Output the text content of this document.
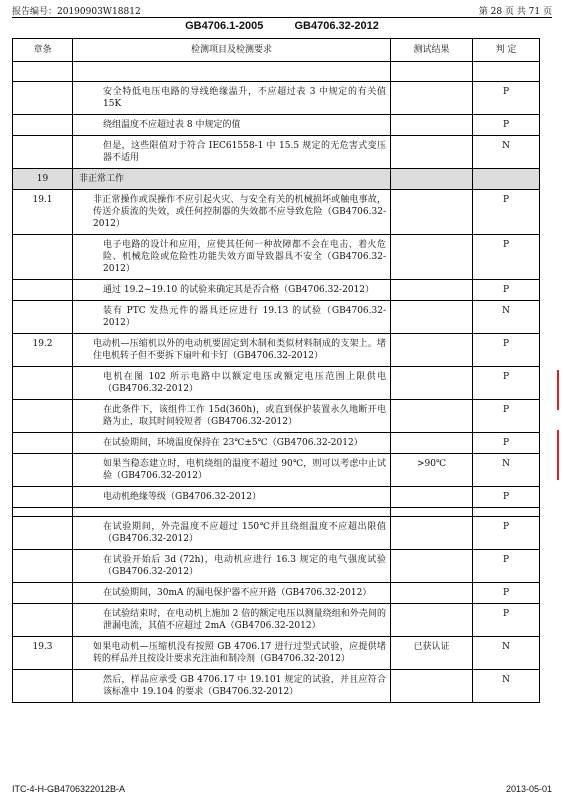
报告编号：20190903W18812	第 28 页 共 71 页
GB4706.1-2005	GB4706.32-2012
章条	检测项目及检测要求	测试结果	判 定

	安全特低电压电路的导线绝缘温升，不应超过表 3 中规定的有关值 15K		P
	绕组温度不应超过表 8 中规定的值		P
	但是，这些限值对于符合 IEC61558-1 中 15.5 规定的无危害式变压器不适用		N
19	非正常工作		
19.1	非正常操作或误操作不应引起火灾、与安全有关的机械损坏或触电事故，传送介质流的失效，或任何控制器的失效都不应导致危险（GB4706.32-2012）		P
	电子电路的设计和应用，应使其任何一种故障都不会在电击、着火危险、机械危险或危险性功能失效方面导致器具不安全（GB4706.32-2012）		P
	通过 19.2~19.10 的试验来确定其是否合格（GB4706.32-2012）		P
	装有 PTC 发热元件的器具还应进行 19.13 的试验（GB4706.32-2012）		N
19.2	电动机—压缩机以外的电动机要固定到木制和类似材料制成的支架上。堵住电机转子但不要拆下扇叶和卡钉（GB4706.32-2012）		P
	电机在图 102 所示电路中以额定电压或额定电压范围上限供电（GB4706.32-2012）		P
	在此条件下，该组件工作 15d(360h)，或直到保护装置永久地断开电路为止，取其时间较短者（GB4706.32-2012）		P
	在试验期间，环境温度保持在 23℃±5℃（GB4706.32-2012）		P
	如果当稳态建立时，电机绕组的温度不超过 90℃，则可以考虑中止试验（GB4706.32-2012）	>90℃	N
	电动机绝缘等级（GB4706.32-2012）		P

	在试验期间，外壳温度不应超过 150℃并且绕组温度不应超出限值（GB4706.32-2012）		P
	在试验开始后 3d (72h)，电动机应进行 16.3 规定的电气强度试验（GB4706.32-2012）		P
	在试验期间，30mA 的漏电保护器不应开路（GB4706.32-2012）		P
	在试验结束时，在电动机上施加 2 倍的额定电压以测量绕组和外壳间的泄漏电流，其值不应超过 2mA（GB4706.32-2012）		P
19.3	如果电动机—压缩机没有按照 GB 4706.17 进行过型式试验，应提供堵转的样品并且按设计要求充注油和制冷剂（GB4706.32-2012）	已获认证	N
	然后，样品应承受 GB 4706.17 中 19.101 规定的试验，并且应符合该标准中 19.104 的要求（GB4706.32-2012）		N
ITC-4-H-GB4706322012B-A	2013-05-01
